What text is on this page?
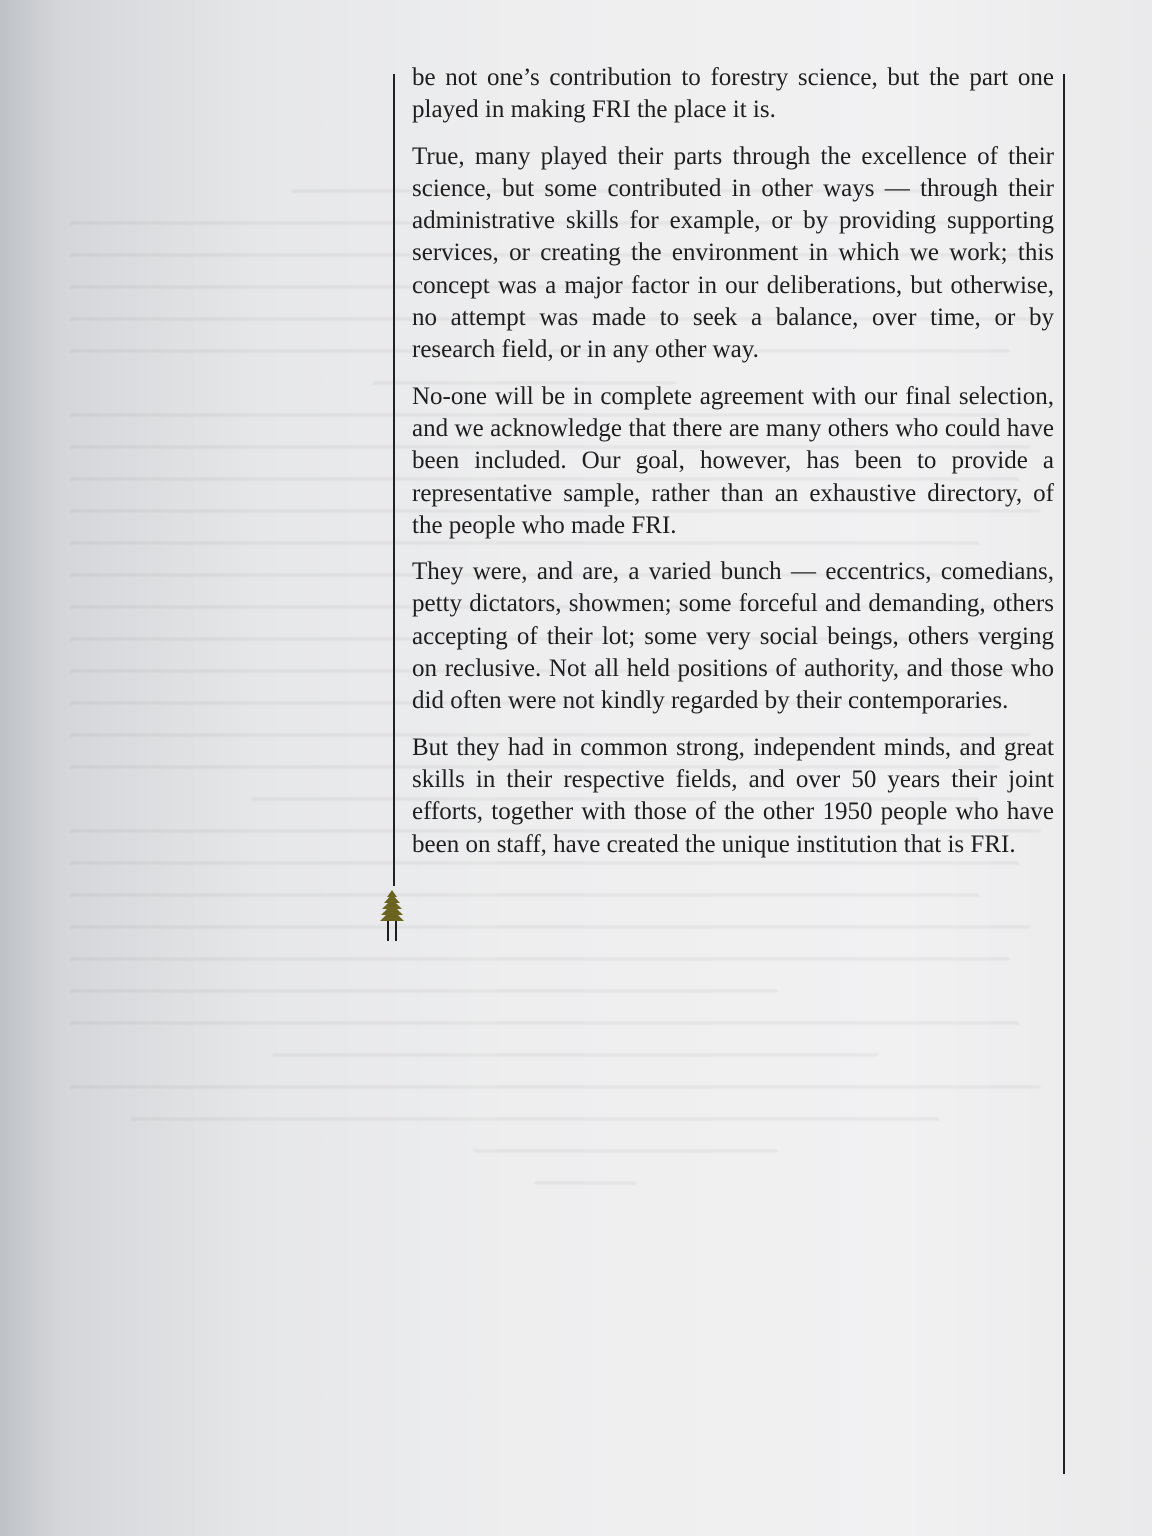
be not one’s contribution to forestry science, but the part one played in making FRI the place it is.

True, many played their parts through the excellence of their science, but some contributed in other ways — through their administrative skills for example, or by providing supporting services, or creating the environment in which we work; this concept was a major factor in our deliberations, but otherwise, no attempt was made to seek a balance, over time, or by research field, or in any other way.

No-one will be in complete agreement with our final selection, and we acknowledge that there are many others who could have been included. Our goal, however, has been to provide a representative sample, rather than an exhaustive directory, of the people who made FRI.

They were, and are, a varied bunch — eccentrics, comedians, petty dictators, showmen; some forceful and demanding, others accepting of their lot; some very social beings, others verging on reclusive. Not all held positions of authority, and those who did often were not kindly regarded by their contemporaries.

But they had in common strong, independent minds, and great skills in their respective fields, and over 50 years their joint efforts, together with those of the other 1950 people who have been on staff, have created the unique institution that is FRI.
